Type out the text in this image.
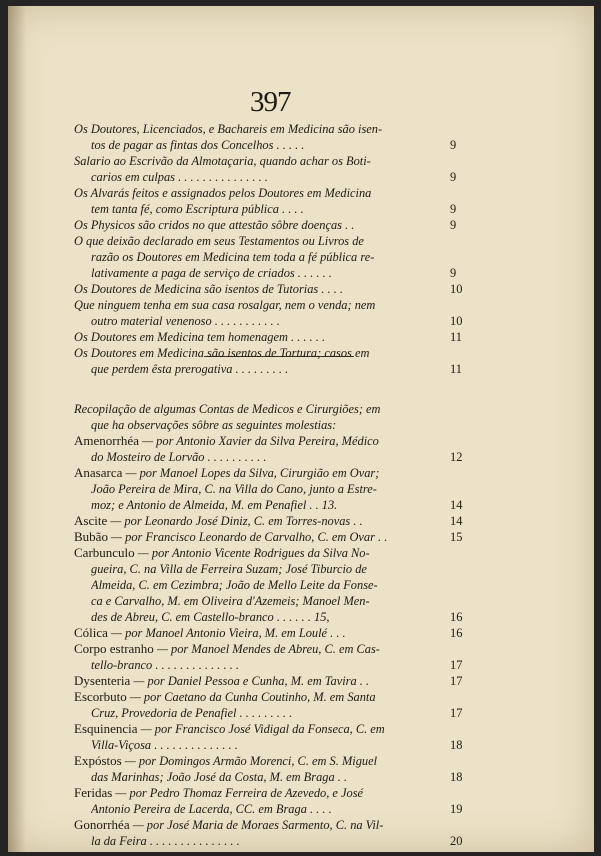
397
Os Doutores, Licenciados, e Bachareis em Medicina são isen-
tos de pagar as fintas dos Concelhos . . . . .	9
Salario ao Escrivão da Almotaçaria, quando achar os Boti-
carios em culpas . . . . . . . . . . . . . . .	9
Os Alvarás feitos e assignados pelos Doutores em Medicina
tem tanta fé, como Escriptura pública . . . .	9
Os Physicos são cridos no que attestão sôbre doenças . .	9
O que deixão declarado em seus Testamentos ou Livros de
razão os Doutores em Medicina tem toda a fé pública re-
lativamente a paga de serviço de criados . . . . . .	9
Os Doutores de Medicina são isentos de Tutorias . . . .	10
Que ninguem tenha em sua casa rosalgar, nem o venda; nem
outro material venenoso . . . . . . . . . . .	10
Os Doutores em Medicina tem homenagem . . . . . .	11
Os Doutores em Medicina são isentos de Tortura; casos em
que perdem êsta prerogativa . . . . . . . . .	11
Recopilação de algumas Contas de Medicos e Cirurgiões; em
que ha observações sôbre as seguintes molestias:
Amenorrhéa — por Antonio Xavier da Silva Pereira, Médico
do Mosteiro de Lorvão . . . . . . . . . .	12
Anasarca — por Manoel Lopes da Silva, Cirurgião em Ovar;
João Pereira de Mira, C. na Villa do Cano, junto a Estre-
moz; e Antonio de Almeida, M. em Penafiel . . 13.	14
Ascite — por Leonardo José Diniz, C. em Torres-novas . .	14
Bubão — por Francisco Leonardo de Carvalho, C. em Ovar . .	15
Carbunculo — por Antonio Vicente Rodrigues da Silva No-
gueira, C. na Villa de Ferreira Suzam; José Tiburcio de
Almeida, C. em Cezimbra; João de Mello Leite da Fonse-
ca e Carvalho, M. em Oliveira d'Azemeis; Manoel Men-
des de Abreu, C. em Castello-branco . . . . . . 15,	16
Cólica — por Manoel Antonio Vieira, M. em Loulé . . .	16
Corpo estranho — por Manoel Mendes de Abreu, C. em Cas-
tello-branco . . . . . . . . . . . . . .	17
Dysenteria — por Daniel Pessoa e Cunha, M. em Tavira . .	17
Escorbuto — por Caetano da Cunha Coutinho, M. em Santa
Cruz, Provedoria de Penafiel . . . . . . . . .	17
Esquinencia — por Francisco José Vidigal da Fonseca, C. em
Villa-Viçosa . . . . . . . . . . . . . .	18
Expóstos — por Domingos Armão Morenci, C. em S. Miguel
das Marinhas; João José da Costa, M. em Braga . .	18
Feridas — por Pedro Thomaz Ferreira de Azevedo, e José
Antonio Pereira de Lacerda, CC. em Braga . . . .	19
Gonorrhéa — por José Maria de Moraes Sarmento, C. na Vil-
la da Feira . . . . . . . . . . . . . . .	20
